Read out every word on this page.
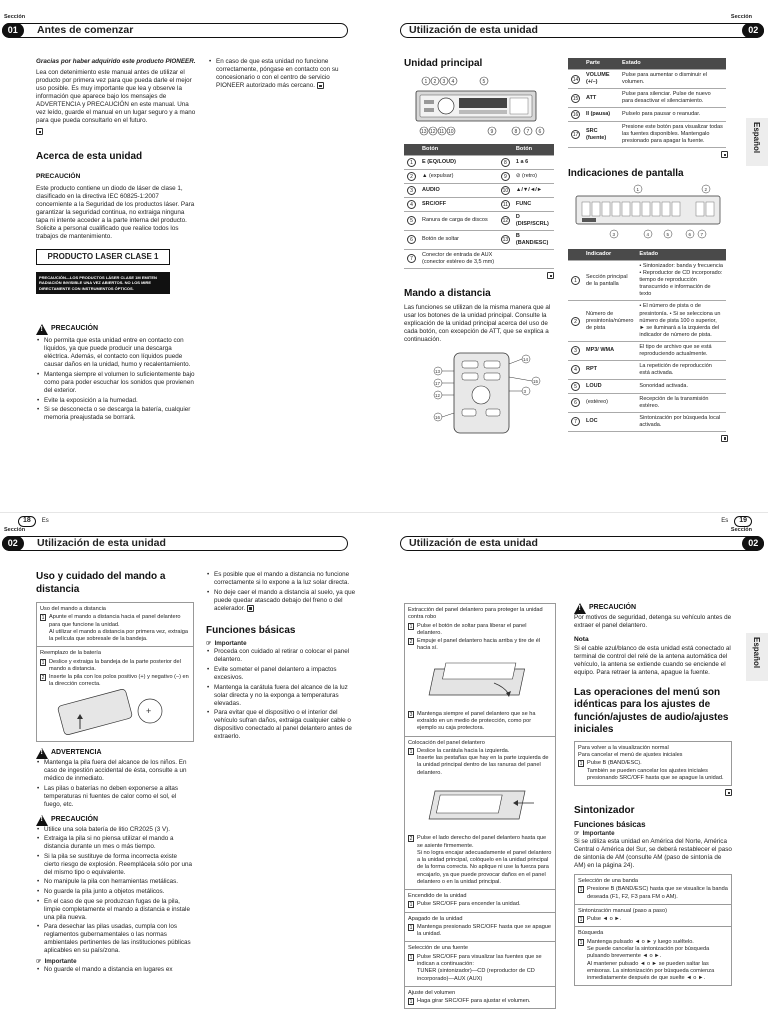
Sección
01	Antes de comenzar

Gracias por haber adquirido este producto PIONEER.

Lea con detenimiento este manual antes de utilizar el producto por primera vez para que pueda darle el mejor uso posible. Es muy importante que lea y observe la información que aparece bajo los mensajes de ADVERTENCIA y PRECAUCIÓN en este manual. Una vez leído, guarde el manual en un lugar seguro y a mano para que pueda consultarlo en el futuro.

Acerca de esta unidad
PRECAUCIÓN

Este producto contiene un diodo de láser de clase 1, clasificado en la directiva IEC 60825-1:2007 concerniente a la Seguridad de los productos láser. Para garantizar la seguridad continua, no extraiga ninguna tapa ni intente acceder a la parte interna del producto. Solicite a personal cualificado que realice todos los trabajos de mantenimiento.

PRODUCTO LASER CLASE 1
PRECAUCIÓN—LOS PRODUCTOS LÁSER CLASE 1M EMITEN RADIACIÓN INVISIBLE UNA VEZ ABIERTOS. NO LOS MIRE DIRECTAMENTE CON INSTRUMENTOS ÓPTICOS.
!
PRECAUCIÓN
• No permita que esta unidad entre en contacto con líquidos, ya que puede producir una descarga eléctrica. Además, el contacto con líquidos puede causar daños en la unidad, humo y recalentamiento.
• Mantenga siempre el volumen lo suficientemente bajo como para poder escuchar los sonidos que provienen del exterior.
• Evite la exposición a la humedad.
• Si se desconecta o se descarga la batería, cualquier memoria preajustada se borrará.
• En caso de que esta unidad no funcione correctamente, póngase en contacto con su concesionario o con el centro de servicio PIONEER autorizado más cercano.
18	Es
Sección
Utilización de esta unidad	02
Español
Unidad principal
1 2 3 4	5
13 12 11 10	9	8 7 6
	Botón		Botón
1	E (EQ/LOUD)	8	1 a 6
2	▲ (expulsar)	9	⊘ (retro)
3	AUDIO	10	▲/▼/◄/►
4	SRC/OFF	11	FUNC
5	Ranura de carga de discos	12	D (DISP/SCRL)
6	Botón de soltar	13	B (BAND/ESC)
7	Conector de entrada de AUX (conector estéreo de 3,5 mm)		
Mando a distancia

Las funciones se utilizan de la misma manera que al usar los botones de la unidad principal. Consulte la explicación de la unidad principal acerca del uso de cada botón, con excepción de ATT, que se explica a continuación.

14
15
3
13
17
12
16
	Parte	Estado
14	VOLUME (+/–)	Pulse para aumentar o disminuir el volumen.
15	ATT	Pulse para silenciar. Pulse de nuevo para desactivar el silenciamiento.
16	II (pausa)	Pulselo para pausar o reanudar.
17	SRC (fuente)	Presione este botón para visualizar todas las fuentes disponibles. Mantengalo presionado para apagar la fuente.
Indicaciones de pantalla
1	2
3	4	5	6 7
	Indicador	Estado
1	Sección principal de la pantalla	• Sintonizador: banda y frecuencia • Reproductor de CD incorporado: tiempo de reproducción transcurrido e información de texto
2	Número de presintonía/número de pista	• El número de pista o de presintonía. • Si se selecciona un número de pista 100 o superior, ► se iluminará a la izquierda del indicador de número de pista.
3	MP3/ WMA	El tipo de archivo que se está reproduciendo actualmente.
4	RPT	La repetición de reproducción está activada.
5	LOUD	Sonoridad activada.
6	(estéreo)	Recepción de la transmisión estéreo.
7	LOC	Sintonización por búsqueda local activada.
Es	19
Sección
02	Utilización de esta unidad
Uso y cuidado del mando a distancia
Uso del mando a distancia
1 Apunte el mando a distancia hacia el panel delantero para que funcione la unidad.
Al utilizar el mando a distancia por primera vez, extraiga la película que sobresale de la bandeja.
Reemplazo de la batería
1 Deslice y extraiga la bandeja de la parte posterior del mando a distancia.
2 Inserte la pila con los polos positivo (+) y negativo (–) en la dirección correcta.
+
!
ADVERTENCIA
• Mantenga la pila fuera del alcance de los niños. En caso de ingestión accidental de ésta, consulte a un médico de inmediato.
• Las pilas o baterías no deben exponerse a altas temperaturas ni fuentes de calor como el sol, el fuego, etc.
!
PRECAUCIÓN
• Utilice una sola batería de litio CR2025 (3 V).
• Extraiga la pila si no piensa utilizar el mando a distancia durante un mes o más tiempo.
• Si la pila se sustituye de forma incorrecta existe cierto riesgo de explosión. Reemplácela sólo por una del mismo tipo o equivalente.
• No manipule la pila con herramientas metálicas.
• No guarde la pila junto a objetos metálicos.
• En el caso de que se produzcan fugas de la pila, limpie completamente el mando a distancia e instale una pila nueva.
• Para desechar las pilas usadas, cumpla con los reglamentos gubernamentales o las normas ambientales pertinentes de las instituciones públicas aplicables en su país/zona.
☞ Importante
• No guarde el mando a distancia en lugares ex
• Es posible que el mando a distancia no funcione correctamente si lo expone a la luz solar directa.
• No deje caer el mando a distancia al suelo, ya que puede quedar atascado debajo del freno o del acelerador.
Funciones básicas
☞ Importante
• Proceda con cuidado al retirar o colocar el panel delantero.
• Evite someter el panel delantero a impactos excesivos.
• Mantenga la carátula fuera del alcance de la luz solar directa y no la exponga a temperaturas elevadas.
• Para evitar que el dispositivo o el interior del vehículo sufran daños, extraiga cualquier cable o dispositivo conectado al panel delantero antes de extraerlo.
Sección
Utilización de esta unidad	02
Español
Extracción del panel delantero para proteger la unidad contra robo
1 Pulse el botón de soltar para liberar el panel delantero.
2 Empuje el panel delantero hacia arriba y tire de él hacia sí.
3 Mantenga siempre el panel delantero que se ha extraído en un medio de protección, como por ejemplo su caja protectora.
Colocación del panel delantero
1 Deslice la carátula hacia la izquierda.
Inserte las pestañas que hay en la parte izquierda de la unidad principal dentro de las ranuras del panel delantero.
2 Pulse el lado derecho del panel delantero hasta que se asiente firmemente.
Si no logra encajar adecuadamente el panel delantero a la unidad principal, colóquelo en la unidad principal de la forma correcta. No aplique ni use la fuerza para encajarlo, ya que puede provocar daños en el panel delantero o en la unidad principal.
Encendido de la unidad
1 Pulse SRC/OFF para encender la unidad.
Apagado de la unidad
1 Mantenga presionado SRC/OFF hasta que se apague la unidad.
Selección de una fuente
1 Pulse SRC/OFF para visualizar las fuentes que se indican a continuación:
TUNER (sintonizador)—CD (reproductor de CD incorporado)—AUX (AUX)
Ajuste del volumen
1 Haga girar SRC/OFF para ajustar el volumen.
!
PRECAUCIÓN

Por motivos de seguridad, detenga su vehículo antes de extraer el panel delantero.

Nota

Si el cable azul/blanco de esta unidad está conectado al terminal de control del relé de la antena automática del vehículo, la antena se extiende cuando se enciende el equipo. Para retraer la antena, apague la fuente.

Las operaciones del menú son idénticas para los ajustes de función/ajustes de audio/ajustes iniciales
Para volver a la visualización normal
Para cancelar el menú de ajustes iniciales
1 Pulse B (BAND/ESC).
También se pueden cancelar los ajustes iniciales presionando SRC/OFF hasta que se apague la unidad.
Sintonizador
Funciones básicas
☞ Importante

Si se utiliza esta unidad en América del Norte, América Central o América del Sur, se deberá restablecer el paso de sintonía de AM (consulte AM (paso de sintonía de AM) en la página 24).

Selección de una banda
1 Presione B (BAND/ESC) hasta que se visualice la banda deseada (F1, F2, F3 para FM o AM).
Sintonización manual (paso a paso)
1 Pulse ◄ o ►.
Búsqueda
1 Mantenga pulsado ◄ o ► y luego suéltelo.
Se puede cancelar la sintonización por búsqueda pulsando brevemente ◄ o ►.
Al mantener pulsado ◄ o ► se pueden saltar las emisoras. La sintonización por búsqueda comienza inmediatamente después de que suelte ◄ o ►.
